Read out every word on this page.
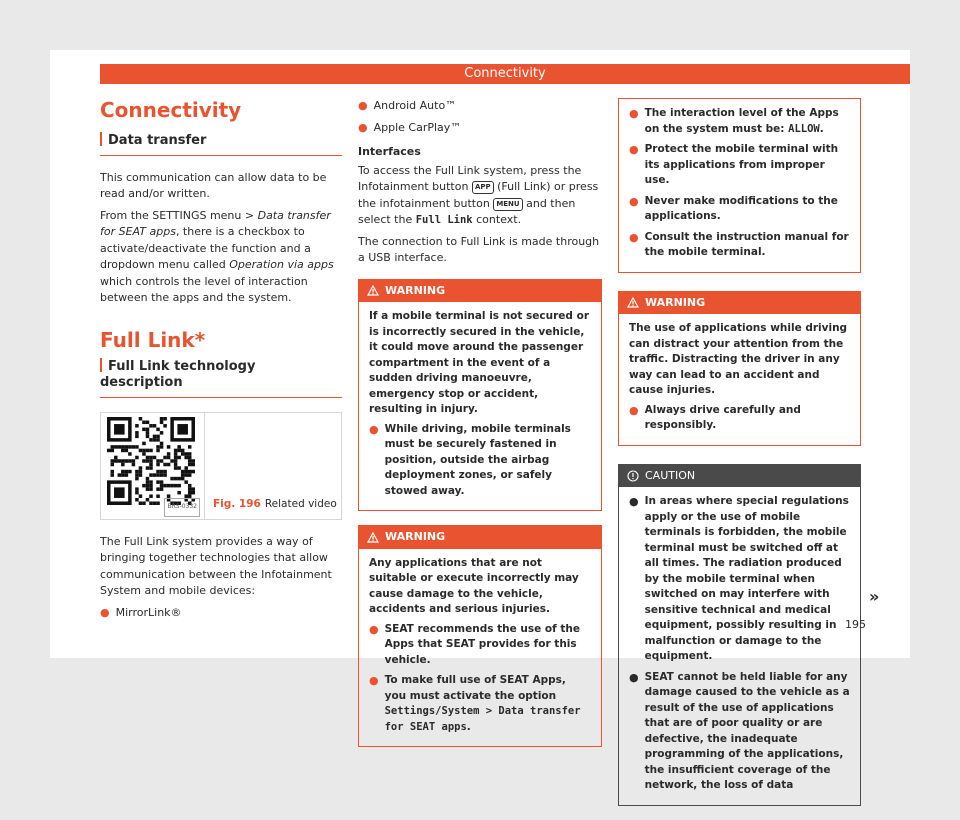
Connectivity
Connectivity
Data transfer

This communication can allow data to be read and/or written.

From the SETTINGS menu > Data transfer for SEAT apps, there is a checkbox to activate/deactivate the function and a dropdown menu called Operation via apps which controls the level of interaction between the apps and the system.

Full Link*
Full Link technology description
BRS-0332	Fig. 196 Related video

The Full Link system provides a way of bringing together technologies that allow communication between the Infotainment System and mobile devices:

● MirrorLink®
● Android Auto™
● Apple CarPlay™
Interfaces

To access the Full Link system, press the Infotainment button APP (Full Link) or press the infotainment button MENU and then select the Full Link context.

The connection to Full Link is made through a USB interface.

WARNING

If a mobile terminal is not secured or is incorrectly secured in the vehicle, it could move around the passenger compartment in the event of a sudden driving manoeuvre, emergency stop or accident, resulting in injury.

● While driving, mobile terminals must be securely fastened in position, outside the airbag deployment zones, or safely stowed away.
WARNING

Any applications that are not suitable or execute incorrectly may cause damage to the vehicle, accidents and serious injuries.

● SEAT recommends the use of the Apps that SEAT provides for this vehicle.
● To make full use of SEAT Apps, you must activate the option Settings/System > Data transfer for SEAT apps.
● The interaction level of the Apps on the system must be: ALLOW.
● Protect the mobile terminal with its applications from improper use.
● Never make modifications to the applications.
● Consult the instruction manual for the mobile terminal.
WARNING

The use of applications while driving can distract your attention from the traffic. Distracting the driver in any way can lead to an accident and cause injuries.

● Always drive carefully and responsibly.
CAUTION
● In areas where special regulations apply or the use of mobile terminals is forbidden, the mobile terminal must be switched off at all times. The radiation produced by the mobile terminal when switched on may interfere with sensitive technical and medical equipment, possibly resulting in malfunction or damage to the equipment.
● SEAT cannot be held liable for any damage caused to the vehicle as a result of the use of applications that are of poor quality or are defective, the inadequate programming of the applications, the insufficient coverage of the network, the loss of data
»
195
